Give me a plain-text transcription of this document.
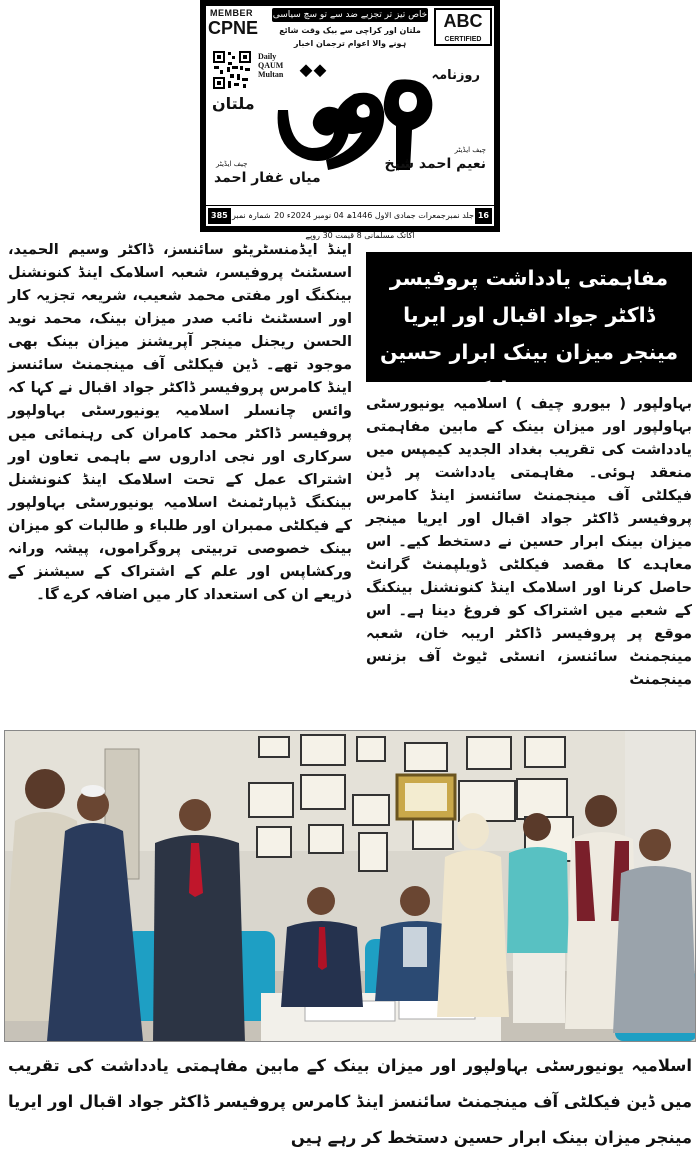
MEMBER
CPNE
خاص تیز تر تجزیے ضد سے تو سچ سیاسی
ملتان اور کراچی سے بیک وقت شائع ہونے والا اعوام ترجمان اخبار
ABC
CERTIFIED
Daily
QAUM
Multan	روزنامہ
ملتان
چیف ایڈیٹر
نعیم احمد شیخ
چیف ایڈیٹر
میاں غفار احمد
385 شمارہ نمبر جمعرات جمادی الاول 1446ھ 04 نومبر 2024ء 20 اکاتک مسلمانی 8 قیمت 30 روپے
جلد نمبر 16
اینڈ ایڈمنسٹریٹو سائنسز، ڈاکٹر وسیم الحمید، اسسٹنٹ پروفیسر، شعبہ اسلامک اینڈ کنونشنل بینکنگ اور مفتی محمد شعیب، شریعہ تجزیہ کار اور اسسٹنٹ نائب صدر میزان بینک، محمد نوید الحسن ریجنل مینجر آپریشنز میزان بینک بھی موجود تھے۔ ڈین فیکلٹی آف مینجمنٹ سائنسز اینڈ کامرس پروفیسر ڈاکٹر جواد اقبال نے کہا کہ وائس چانسلر اسلامیہ یونیورسٹی بہاولپور پروفیسر ڈاکٹر محمد کامران کی رہنمائی میں سرکاری اور نجی اداروں سے باہمی تعاون اور اشتراک عمل کے تحت اسلامک اینڈ کنونشنل بینکنگ ڈیپارٹمنٹ اسلامیہ یونیورسٹی بہاولپور کے فیکلٹی ممبران اور طلباء و طالبات کو میزان بینک خصوصی تربیتی پروگراموں، پیشہ ورانہ ورکشاپس اور علم کے اشتراک کے سیشنز کے ذریعے ان کی استعداد کار میں اضافہ کرے گا۔
مفاہمتی یادداشت پروفیسر ڈاکٹر جواد اقبال اور ایریا مینجر میزان بینک ابرار حسین نے دستخط کیے
بہاولپور ( بیورو چیف ) اسلامیہ یونیورسٹی بہاولپور اور میزان بینک کے مابین مفاہمتی یادداشت کی تقریب بغداد الجدید کیمپس میں منعقد ہوئی۔ مفاہمتی یادداشت پر ڈین فیکلٹی آف مینجمنٹ سائنسز اینڈ کامرس پروفیسر ڈاکٹر جواد اقبال اور ایریا مینجر میزان بینک ابرار حسین نے دستخط کیے۔ اس معاہدے کا مقصد فیکلٹی ڈویلپمنٹ گرانٹ حاصل کرنا اور اسلامک اینڈ کنونشنل بینکنگ کے شعبے میں اشتراک کو فروغ دینا ہے۔ اس موقع پر پروفیسر ڈاکٹر اریبہ خان، شعبہ مینجمنٹ سائنسز، انسٹی ٹیوٹ آف بزنس مینجمنٹ
اسلامیہ یونیورسٹی بہاولپور اور میزان بینک کے مابین مفاہمتی یادداشت کی تقریب میں ڈین فیکلٹی آف مینجمنٹ سائنسز اینڈ کامرس پروفیسر ڈاکٹر جواد اقبال اور ایریا مینجر میزان بینک ابرار حسین دستخط کر رہے ہیں
